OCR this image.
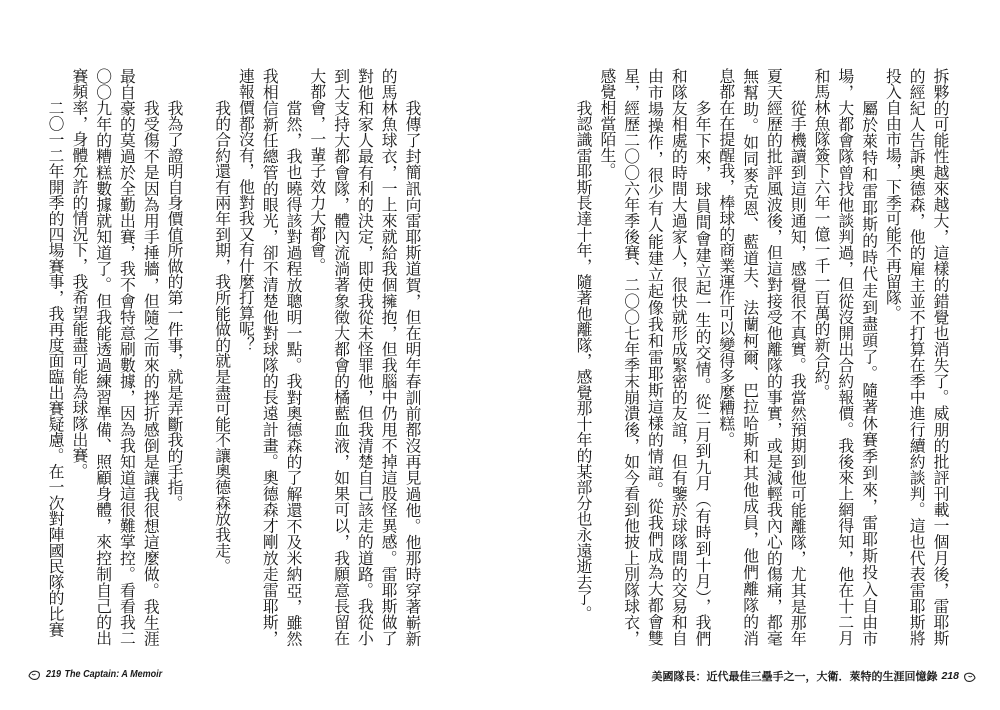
我傳了封簡訊向雷耶斯道賀，但在明年春訓前都沒再見過他。他那時穿著嶄新
的馬林魚球衣，一上來就給我個擁抱，但我腦中仍甩不掉這股怪異感。雷耶斯做了
對他和家人最有利的決定，即使我從未怪罪他，但我清楚自己該走的道路。我從小
到大支持大都會隊，體內流淌著象徵大都會的橘藍血液，如果可以，我願意長留在
大都會，一輩子效力大都會。
當然，我也曉得該對過程放聰明一點。我對奧德森的了解還不及米納亞，雖然
我相信新任總管的眼光，卻不清楚他對球隊的長遠計畫。奧德森才剛放走雷耶斯，
連報價都沒有，他對我又有什麼打算呢？
我的合約還有兩年到期，我所能做的就是盡可能不讓奧德森放我走。
我為了證明自身價值所做的第一件事，就是弄斷我的手指。
我受傷不是因為用手捶牆，但隨之而來的挫折感倒是讓我很想這麼做。我生涯
最自豪的莫過於全勤出賽，我不會特意刷數據，因為我知道這很難掌控。看看我二
〇〇九年的糟糕數據就知道了。但我能透過練習準備、照顧身體，來控制自己的出
賽頻率，身體允許的情況下，我希望能盡可能為球隊出賽。
二〇一二年開季的四場賽事，我再度面臨出賽疑慮。在一次對陣國民隊的比賽
219 The Captain: A Memoir
拆夥的可能性越來越大，這樣的錯覺也消失了。威朋的批評刊載一個月後，雷耶斯
的經紀人告訴奧德森，他的雇主並不打算在季中進行續約談判。這也代表雷耶斯將
投入自由市場，下季可能不再留隊。
屬於萊特和雷耶斯的時代走到盡頭了。隨著休賽季到來，雷耶斯投入自由市
場，大都會隊曾找他談判過，但從沒開出合約報價。我後來上網得知，他在十二月
和馬林魚隊簽下六年一億一千一百萬的新合約。
從手機讀到這則通知，感覺很不真實。我當然預期到他可能離隊，尤其是那年
夏天經歷的批評風波後，但這對接受他離隊的事實，或是減輕我內心的傷痛，都毫
無幫助。如同麥克恩、藍道夫、法蘭柯爾、巴拉哈斯和其他成員，他們離隊的消
息都在在提醒我，棒球的商業運作可以變得多麼糟糕。
多年下來，球員間會建立起一生的交情。從二月到九月（有時到十月），我們
和隊友相處的時間大過家人，很快就形成緊密的友誼，但有鑒於球隊間的交易和自
由市場操作，很少有人能建立起像我和雷耶斯這樣的情誼。從我們成為大都會雙
星，經歷二〇〇六年季後賽、二〇〇七年季末崩潰後，如今看到他披上別隊球衣，
感覺相當陌生。
我認識雷耶斯長達十年，隨著他離隊，感覺那十年的某部分也永遠逝去了。
美國隊長：近代最佳三壘手之一，大衛．萊特的生涯回憶錄 218
